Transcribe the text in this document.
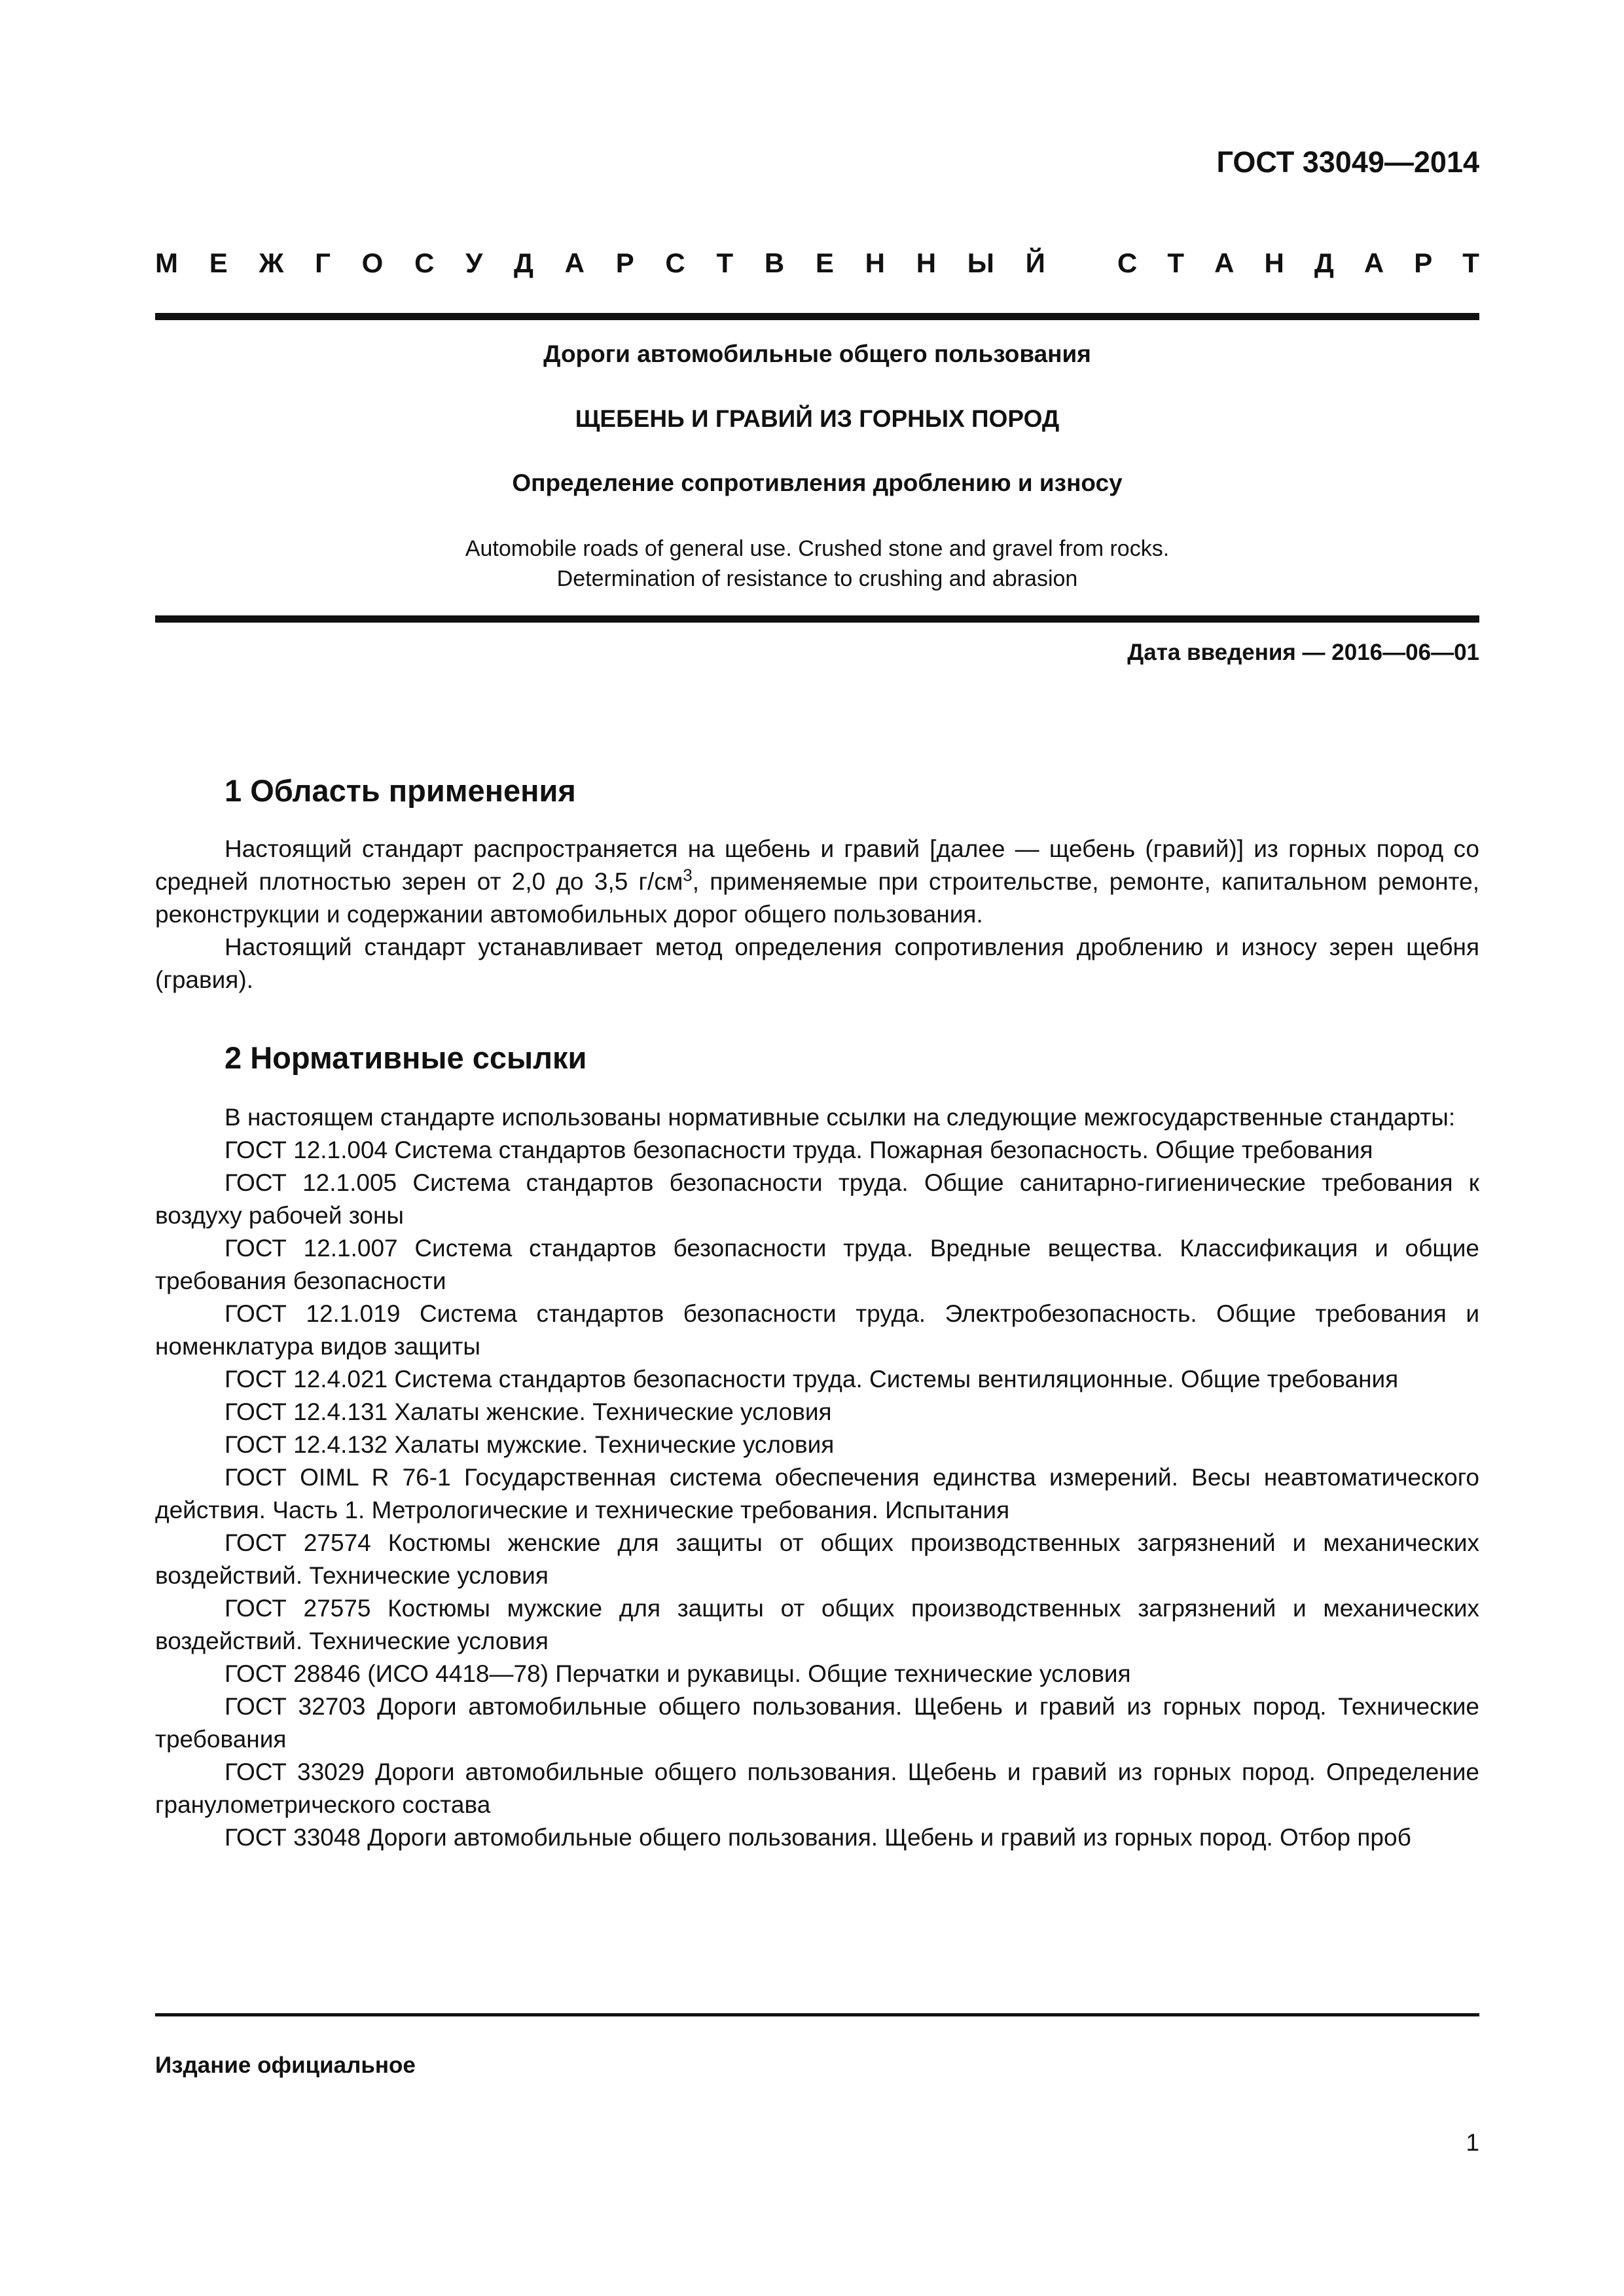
ГОСТ 33049—2014
М Е Ж Г О С У Д А Р С Т В Е Н Н Ы Й	С Т А Н Д А Р Т
Дороги автомобильные общего пользования
ЩЕБЕНЬ И ГРАВИЙ ИЗ ГОРНЫХ ПОРОД
Определение сопротивления дроблению и износу
Automobile roads of general use. Crushed stone and gravel from rocks.
Determination of resistance to crushing and abrasion
Дата введения — 2016—06—01
1 Область применения

Настоящий стандарт распространяется на щебень и гравий [далее — щебень (гравий)] из горных пород со средней плотностью зерен от 2,0 до 3,5 $г/см^3$, применяемые при строительстве, ремонте, капитальном ремонте, реконструкции и содержании автомобильных дорог общего пользования.

Настоящий стандарт устанавливает метод определения сопротивления дроблению и износу зерен щебня (гравия).

2 Нормативные ссылки

В настоящем стандарте использованы нормативные ссылки на следующие межгосударственные стандарты:

ГОСТ 12.1.004 Система стандартов безопасности труда. Пожарная безопасность. Общие требования

ГОСТ 12.1.005 Система стандартов безопасности труда. Общие санитарно-гигиенические требования к воздуху рабочей зоны

ГОСТ 12.1.007 Система стандартов безопасности труда. Вредные вещества. Классификация и общие требования безопасности

ГОСТ 12.1.019 Система стандартов безопасности труда. Электробезопасность. Общие требования и номенклатура видов защиты

ГОСТ 12.4.021 Система стандартов безопасности труда. Системы вентиляционные. Общие требования

ГОСТ 12.4.131 Халаты женские. Технические условия

ГОСТ 12.4.132 Халаты мужские. Технические условия

ГОСТ OIML R 76-1 Государственная система обеспечения единства измерений. Весы неавтоматического действия. Часть 1. Метрологические и технические требования. Испытания

ГОСТ 27574 Костюмы женские для защиты от общих производственных загрязнений и механических воздействий. Технические условия

ГОСТ 27575 Костюмы мужские для защиты от общих производственных загрязнений и механических воздействий. Технические условия

ГОСТ 28846 (ИСО 4418—78) Перчатки и рукавицы. Общие технические условия

ГОСТ 32703 Дороги автомобильные общего пользования. Щебень и гравий из горных пород. Технические требования

ГОСТ 33029 Дороги автомобильные общего пользования. Щебень и гравий из горных пород. Определение гранулометрического состава

ГОСТ 33048 Дороги автомобильные общего пользования. Щебень и гравий из горных пород. Отбор проб

Издание официальное
1
